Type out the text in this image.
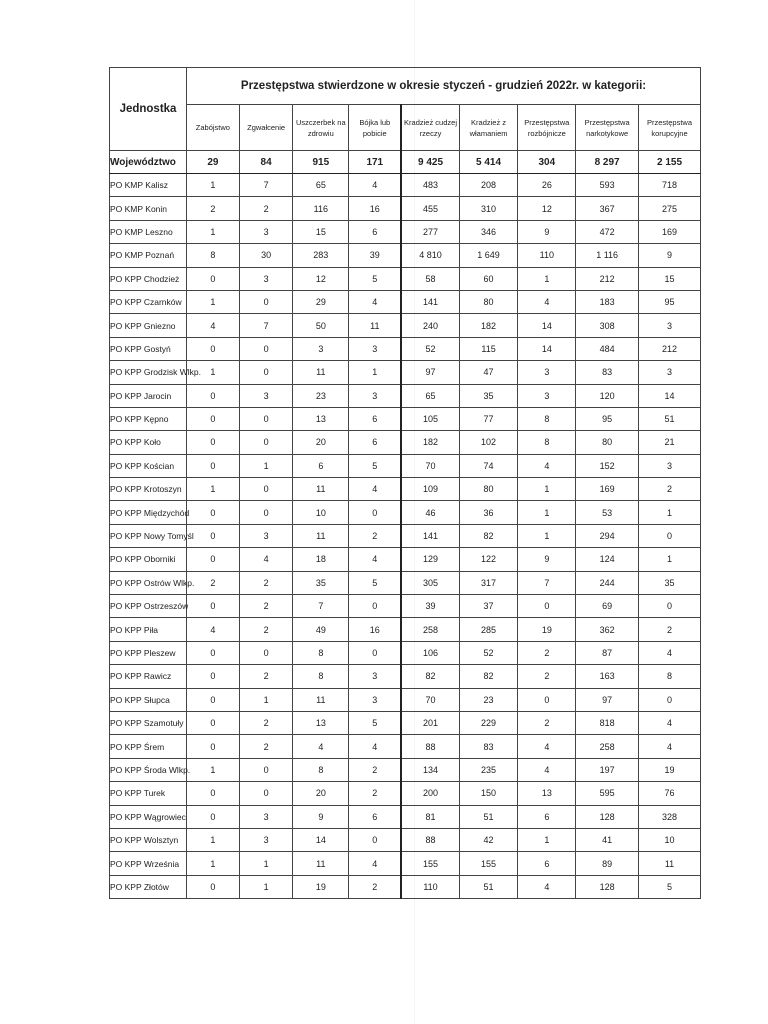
Jednostka	Przestępstwa stwierdzone w okresie styczeń - grudzień 2022r. w kategorii:								
	Zabójstwo	Zgwałcenie	Uszczerbek na zdrowiu	Bójka lub pobicie	Kradzież cudzej rzeczy	Kradzież z włamaniem	Przestępstwa rozbójnicze	Przestępstwa narkotykowe	Przestępstwa korupcyjne
Województwo	29	84	915	171	9 425	5 414	304	8 297	2 155
PO KMP Kalisz	1	7	65	4	483	208	26	593	718
PO KMP Konin	2	2	116	16	455	310	12	367	275
PO KMP Leszno	1	3	15	6	277	346	9	472	169
PO KMP Poznań	8	30	283	39	4 810	1 649	110	1 116	9
PO KPP Chodzież	0	3	12	5	58	60	1	212	15
PO KPP Czarnków	1	0	29	4	141	80	4	183	95
PO KPP Gniezno	4	7	50	11	240	182	14	308	3
PO KPP Gostyń	0	0	3	3	52	115	14	484	212
PO KPP Grodzisk Wlkp.	1	0	11	1	97	47	3	83	3
PO KPP Jarocin	0	3	23	3	65	35	3	120	14
PO KPP Kępno	0	0	13	6	105	77	8	95	51
PO KPP Koło	0	0	20	6	182	102	8	80	21
PO KPP Kościan	0	1	6	5	70	74	4	152	3
PO KPP Krotoszyn	1	0	11	4	109	80	1	169	2
PO KPP Międzychód	0	0	10	0	46	36	1	53	1
PO KPP Nowy Tomyśl	0	3	11	2	141	82	1	294	0
PO KPP Oborniki	0	4	18	4	129	122	9	124	1
PO KPP Ostrów Wlkp.	2	2	35	5	305	317	7	244	35
PO KPP Ostrzeszów	0	2	7	0	39	37	0	69	0
PO KPP Piła	4	2	49	16	258	285	19	362	2
PO KPP Pleszew	0	0	8	0	106	52	2	87	4
PO KPP Rawicz	0	2	8	3	82	82	2	163	8
PO KPP Słupca	0	1	11	3	70	23	0	97	0
PO KPP Szamotuły	0	2	13	5	201	229	2	818	4
PO KPP Śrem	0	2	4	4	88	83	4	258	4
PO KPP Środa Wlkp.	1	0	8	2	134	235	4	197	19
PO KPP Turek	0	0	20	2	200	150	13	595	76
PO KPP Wągrowiec	0	3	9	6	81	51	6	128	328
PO KPP Wolsztyn	1	3	14	0	88	42	1	41	10
PO KPP Września	1	1	11	4	155	155	6	89	11
PO KPP Złotów	0	1	19	2	110	51	4	128	5
